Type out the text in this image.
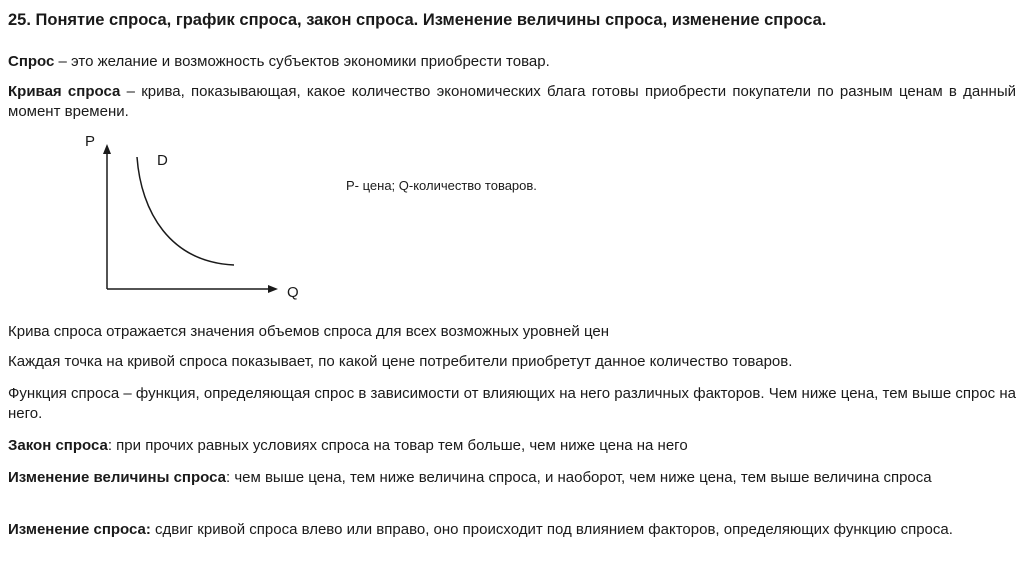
25. Понятие спроса, график спроса, закон спроса. Изменение величины спроса, изменение спроса.
Спрос – это желание и возможность субъектов экономики приобрести товар.
Кривая спроса – крива, показывающая, какое количество экономических блага готовы приобрести покупатели по разным ценам в данный момент времени.
P
D
Q
P- цена; Q-количество товаров.
Крива спроса отражается значения объемов спроса для всех возможных уровней цен
Каждая точка на кривой спроса показывает, по какой цене потребители приобретут данное количество товаров.
Функция спроса – функция, определяющая спрос в зависимости от влияющих на него различных факторов. Чем ниже цена, тем выше спрос на него.
Закон спроса: при прочих равных условиях спроса на товар тем больше, чем ниже цена на него
Изменение величины спроса: чем выше цена, тем ниже величина спроса, и наоборот, чем ниже цена, тем выше величина спроса
Изменение спроса: сдвиг кривой спроса влево или вправо, оно происходит под влиянием факторов, определяющих функцию спроса.
